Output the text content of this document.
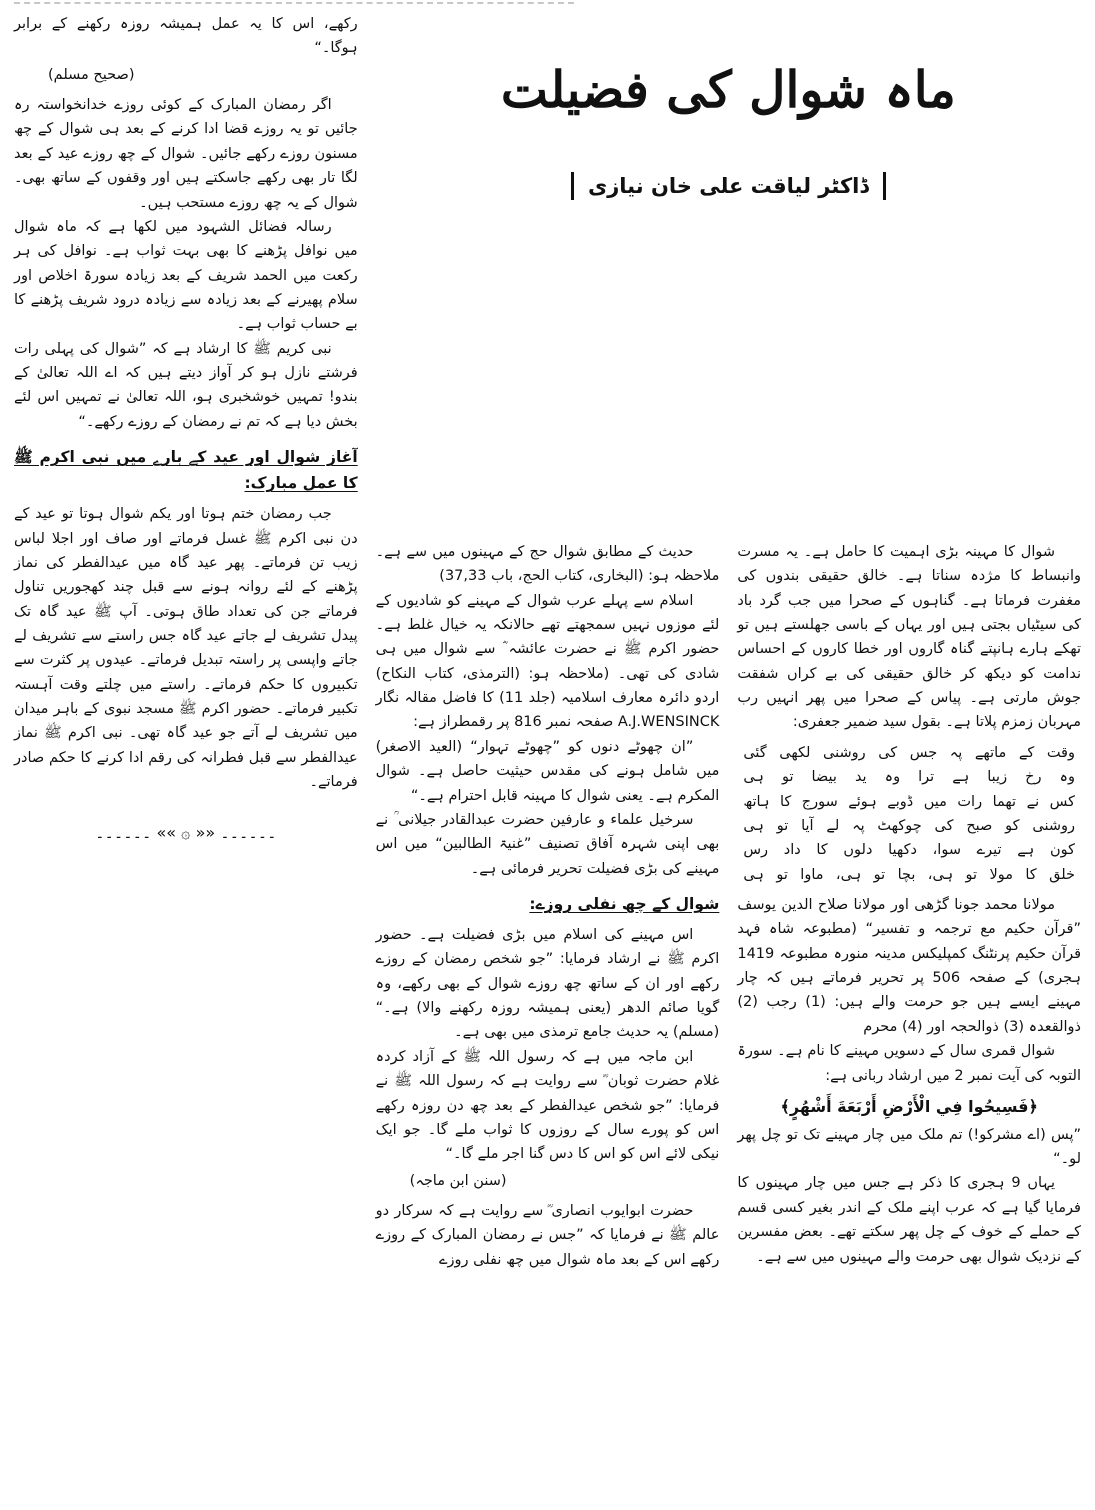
ماہ شوال کی فضیلت
ڈاکٹر لیاقت علی خان نیازی

شوال کا مہینہ بڑی اہمیت کا حامل ہے۔ یہ مسرت وانبساط کا مژدہ سناتا ہے۔ خالق حقیقی بندوں کی مغفرت فرماتا ہے۔ گناہوں کے صحرا میں جب گرد باد کی سیٹیاں بجتی ہیں اور یہاں کے باسی جھلستے ہیں تو تھکے ہارے ہانپتے گناہ گاروں اور خطا کاروں کے احساس ندامت کو دیکھ کر خالق حقیقی کی بے کراں شفقت جوش مارتی ہے۔ پیاس کے صحرا میں پھر انہیں رب مہربان زمزم پلاتا ہے۔ بقول سید ضمیر جعفری:

وقت کے ماتھے پہ جس کی روشنی لکھی گئی
وہ رخ زیبا ہے ترا وہ ید بیضا تو ہی
کس نے تھما رات میں ڈوبے ہوئے سورج کا ہاتھ
روشنی کو صبح کی چوکھٹ پہ لے آیا تو ہی
کون ہے تیرے سوا، دکھیا دلوں کا داد رس
خلق کا مولا تو ہی، بچا تو ہی، ماوا تو ہی

مولانا محمد جونا گڑھی اور مولانا صلاح الدین یوسف ”قرآن حکیم مع ترجمہ و تفسیر“ (مطبوعہ شاہ فہد قرآن حکیم پرنٹنگ کمپلیکس مدینہ منورہ مطبوعہ 1419 ہجری) کے صفحہ 506 پر تحریر فرماتے ہیں کہ چار مہینے ایسے ہیں جو حرمت والے ہیں: (1) رجب (2) ذوالقعدہ (3) ذوالحجہ اور (4) محرم

شوال قمری سال کے دسویں مہینے کا نام ہے۔ سورۃ التوبہ کی آیت نمبر 2 میں ارشاد ربانی ہے:

﴿فَسِيحُوا فِي الْأَرْضِ أَرْبَعَةَ أَشْهُرٍ﴾

”پس (اے مشرکو!) تم ملک میں چار مہینے تک تو چل پھر لو۔“

یہاں 9 ہجری کا ذکر ہے جس میں چار مہینوں کا فرمایا گیا ہے کہ عرب اپنے ملک کے اندر بغیر کسی قسم کے حملے کے خوف کے چل پھر سکتے تھے۔ بعض مفسرین کے نزدیک شوال بھی حرمت والے مہینوں میں سے ہے۔

حدیث کے مطابق شوال حج کے مہینوں میں سے ہے۔ ملاحظہ ہو: (البخاری، کتاب الحج، باب 37,33)

اسلام سے پہلے عرب شوال کے مہینے کو شادیوں کے لئے موزوں نہیں سمجھتے تھے حالانکہ یہ خیال غلط ہے۔ حضور اکرم ﷺ نے حضرت عائشہ ؓ سے شوال میں ہی شادی کی تھی۔ (ملاحظہ ہو: (الترمذی، کتاب النکاح) اردو دائرہ معارف اسلامیہ (جلد 11) کا فاضل مقالہ نگار A.J.WENSINCK صفحہ نمبر 816 پر رقمطراز ہے:

”ان چھوٹے دنوں کو ”چھوٹے تہوار“ (العید الاصغر) میں شامل ہونے کی مقدس حیثیت حاصل ہے۔ شوال المکرم ہے۔ یعنی شوال کا مہینہ قابل احترام ہے۔“

سرخیل علماء و عارفین حضرت عبدالقادر جیلانی ؒ نے بھی اپنی شہرہ آفاق تصنیف ”غنیۃ الطالبین“ میں اس مہینے کی بڑی فضیلت تحریر فرمائی ہے۔

شوال کے چھ نفلی روزے:

اس مہینے کی اسلام میں بڑی فضیلت ہے۔ حضور اکرم ﷺ نے ارشاد فرمایا: ”جو شخص رمضان کے روزے رکھے اور ان کے ساتھ چھ روزے شوال کے بھی رکھے، وہ گویا صائم الدھر (یعنی ہمیشہ روزہ رکھنے والا) ہے۔“ (مسلم) یہ حدیث جامع ترمذی میں بھی ہے۔

ابن ماجہ میں ہے کہ رسول اللہ ﷺ کے آزاد کردہ غلام حضرت ثوبان ؓ سے روایت ہے کہ رسول اللہ ﷺ نے فرمایا: ”جو شخص عیدالفطر کے بعد چھ دن روزہ رکھے اس کو پورے سال کے روزوں کا ثواب ملے گا۔ جو ایک نیکی لائے اس کو اس کا دس گنا اجر ملے گا۔“

(سنن ابن ماجہ)

حضرت ابوایوب انصاری ؓ سے روایت ہے کہ سرکار دو عالم ﷺ نے فرمایا کہ ”جس نے رمضان المبارک کے روزے رکھے اس کے بعد ماہ شوال میں چھ نفلی روزے

رکھے، اس کا یہ عمل ہمیشہ روزہ رکھنے کے برابر ہوگا۔“

(صحیح مسلم)

اگر رمضان المبارک کے کوئی روزے خدانخواستہ رہ جائیں تو یہ روزے قضا ادا کرنے کے بعد ہی شوال کے چھ مسنون روزے رکھے جائیں۔ شوال کے چھ روزے عید کے بعد لگا تار بھی رکھے جاسکتے ہیں اور وقفوں کے ساتھ بھی۔ شوال کے یہ چھ روزے مستحب ہیں۔

رسالہ فضائل الشہود میں لکھا ہے کہ ماہ شوال میں نوافل پڑھنے کا بھی بہت ثواب ہے۔ نوافل کی ہر رکعت میں الحمد شریف کے بعد زیادہ سورۃ اخلاص اور سلام پھیرنے کے بعد زیادہ سے زیادہ درود شریف پڑھنے کا بے حساب ثواب ہے۔

نبی کریم ﷺ کا ارشاد ہے کہ ”شوال کی پہلی رات فرشتے نازل ہو کر آواز دیتے ہیں کہ اے اللہ تعالیٰ کے بندو! تمہیں خوشخبری ہو، اللہ تعالیٰ نے تمہیں اس لئے بخش دیا ہے کہ تم نے رمضان کے روزے رکھے۔“

آغاز شوال اور عید کے بارے میں نبی اکرم ﷺ کا عمل مبارک:

جب رمضان ختم ہوتا اور یکم شوال ہوتا تو عید کے دن نبی اکرم ﷺ غسل فرماتے اور صاف اور اجلا لباس زیب تن فرماتے۔ پھر عید گاہ میں عیدالفطر کی نماز پڑھنے کے لئے روانہ ہونے سے قبل چند کھجوریں تناول فرماتے جن کی تعداد طاق ہوتی۔ آپ ﷺ عید گاہ تک پیدل تشریف لے جاتے عید گاہ جس راستے سے تشریف لے جاتے واپسی پر راستہ تبدیل فرماتے۔ عیدوں پر کثرت سے تکبیروں کا حکم فرماتے۔ راستے میں چلتے وقت آہستہ تکبیر فرماتے۔ حضور اکرم ﷺ مسجد نبوی کے باہر میدان میں تشریف لے آتے جو عید گاہ تھی۔ نبی اکرم ﷺ نماز عیدالفطر سے قبل فطرانہ کی رقم ادا کرنے کا حکم صادر فرماتے۔

۔۔۔۔۔۔ «« ۞ »» ۔۔۔۔۔۔
